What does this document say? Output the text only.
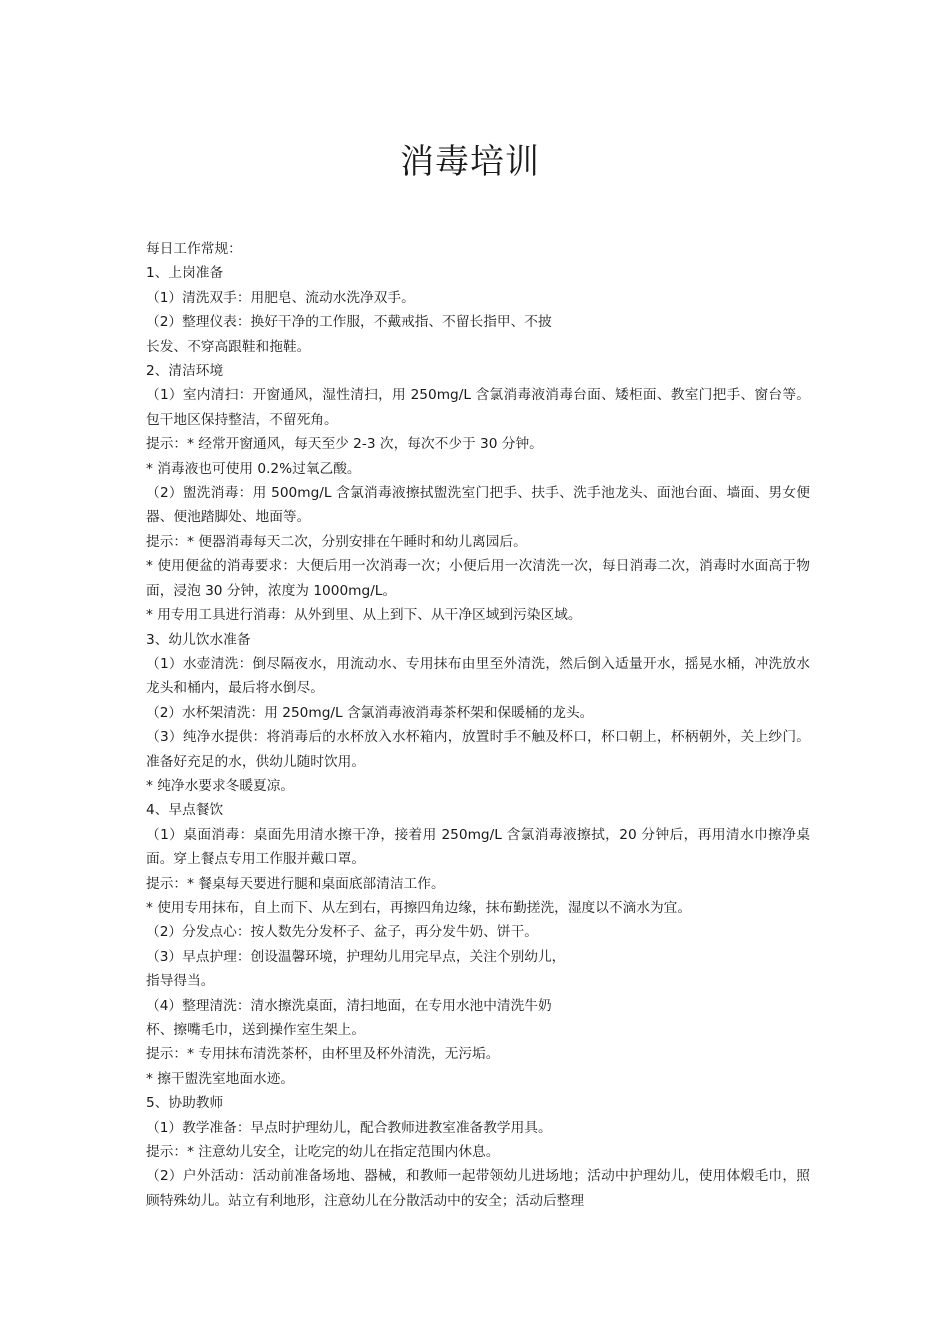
消毒培训

每日工作常规：

1、上岗准备

（1）清洗双手：用肥皂、流动水洗净双手。

（2）整理仪表：换好干净的工作服，不戴戒指、不留长指甲、不披

长发、不穿高跟鞋和拖鞋。

2、清洁环境

（1）室内清扫：开窗通风，湿性清扫，用 250mg/L 含氯消毒液消毒台面、矮柜面、教室门把手、窗台等。包干地区保持整洁，不留死角。

提示：* 经常开窗通风，每天至少 2-3 次，每次不少于 30 分钟。

* 消毒液也可使用 0.2%过氧乙酸。

（2）盥洗消毒：用 500mg/L 含氯消毒液擦拭盥洗室门把手、扶手、洗手池龙头、面池台面、墙面、男女便器、便池踏脚处、地面等。

提示：* 便器消毒每天二次，分别安排在午睡时和幼儿离园后。

* 使用便盆的消毒要求：大便后用一次消毒一次；小便后用一次清洗一次，每日消毒二次，消毒时水面高于物面，浸泡 30 分钟，浓度为 1000mg/L。

* 用专用工具进行消毒：从外到里、从上到下、从干净区域到污染区域。

3、幼儿饮水准备

（1）水壶清洗：倒尽隔夜水，用流动水、专用抹布由里至外清洗，然后倒入适量开水，摇晃水桶，冲洗放水龙头和桶内，最后将水倒尽。

（2）水杯架清洗：用 250mg/L 含氯消毒液消毒茶杯架和保暖桶的龙头。

（3）纯净水提供：将消毒后的水杯放入水杯箱内，放置时手不触及杯口，杯口朝上，杯柄朝外，关上纱门。准备好充足的水，供幼儿随时饮用。

* 纯净水要求冬暖夏凉。

4、早点餐饮

（1）桌面消毒：桌面先用清水擦干净，接着用 250mg/L 含氯消毒液擦拭，20 分钟后，再用清水巾擦净桌面。穿上餐点专用工作服并戴口罩。

提示：* 餐桌每天要进行腿和桌面底部清洁工作。

* 使用专用抹布，自上而下、从左到右，再擦四角边缘，抹布勤搓洗，湿度以不滴水为宜。

（2）分发点心：按人数先分发杯子、盆子，再分发牛奶、饼干。

（3）早点护理：创设温馨环境，护理幼儿用完早点，关注个别幼儿，

指导得当。

（4）整理清洗：清水擦洗桌面，清扫地面，在专用水池中清洗牛奶

杯、擦嘴毛巾，送到操作室生架上。

提示：* 专用抹布清洗茶杯，由杯里及杯外清洗，无污垢。

* 擦干盥洗室地面水迹。

5、协助教师

（1）教学准备：早点时护理幼儿，配合教师进教室准备教学用具。

提示：* 注意幼儿安全，让吃完的幼儿在指定范围内休息。

（2）户外活动：活动前准备场地、器械，和教师一起带领幼儿进场地；活动中护理幼儿，使用体煅毛巾，照顾特殊幼儿。站立有利地形，注意幼儿在分散活动中的安全；活动后整理
